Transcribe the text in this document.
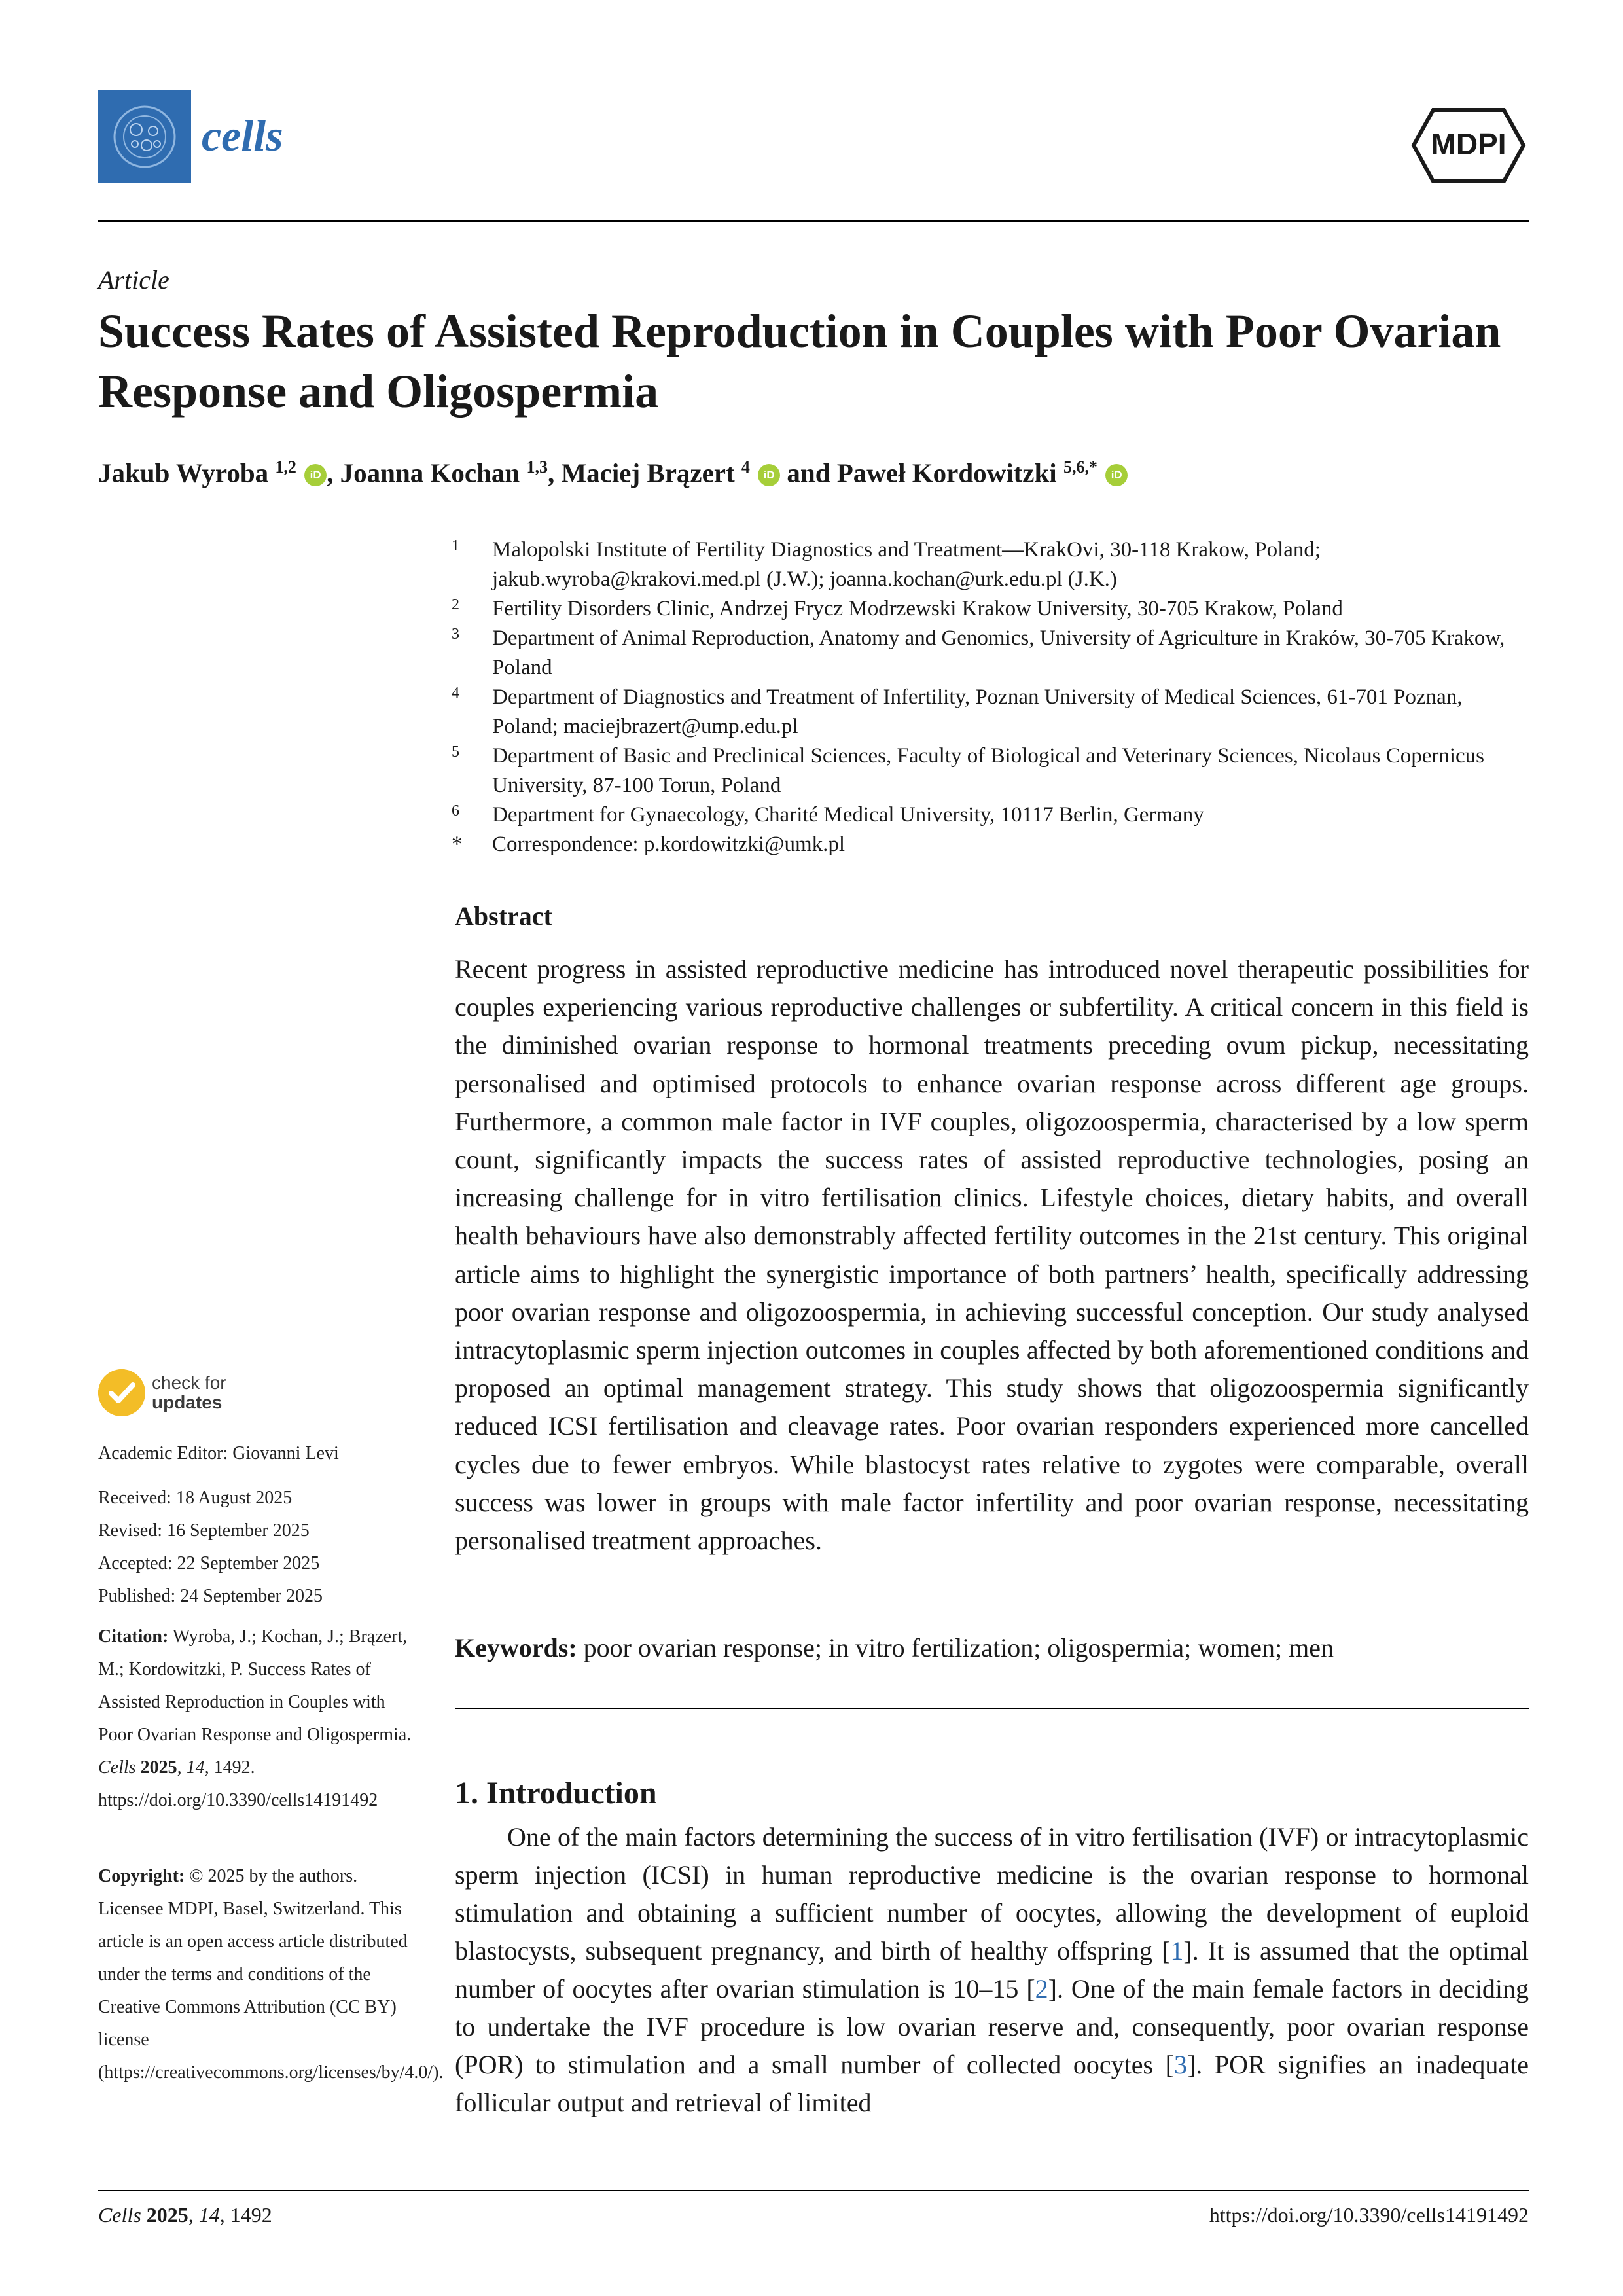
cells	MDPI
Article
Success Rates of Assisted Reproduction in Couples with Poor Ovarian Response and Oligospermia
Jakub Wyroba $^{1,2}$ iD , Joanna Kochan $^{1,3}$, Maciej Brązert $^4$ iD and Paweł Kordowitzki $^{5,6,*}$ iD
1 Malopolski Institute of Fertility Diagnostics and Treatment—KrakOvi, 30-118 Krakow, Poland; jakub.wyroba@krakovi.med.pl (J.W.); joanna.kochan@urk.edu.pl (J.K.)
2 Fertility Disorders Clinic, Andrzej Frycz Modrzewski Krakow University, 30-705 Krakow, Poland
3 Department of Animal Reproduction, Anatomy and Genomics, University of Agriculture in Kraków, 30-705 Krakow, Poland
4 Department of Diagnostics and Treatment of Infertility, Poznan University of Medical Sciences, 61-701 Poznan, Poland; maciejbrazert@ump.edu.pl
5 Department of Basic and Preclinical Sciences, Faculty of Biological and Veterinary Sciences, Nicolaus Copernicus University, 87-100 Torun, Poland
6 Department for Gynaecology, Charité Medical University, 10117 Berlin, Germany
* Correspondence: p.kordowitzki@umk.pl
Abstract
Recent progress in assisted reproductive medicine has introduced novel therapeutic possibilities for couples experiencing various reproductive challenges or subfertility. A critical concern in this field is the diminished ovarian response to hormonal treatments preceding ovum pickup, necessitating personalised and optimised protocols to enhance ovarian response across different age groups. Furthermore, a common male factor in IVF couples, oligozoospermia, characterised by a low sperm count, significantly impacts the success rates of assisted reproductive technologies, posing an increasing challenge for in vitro fertilisation clinics. Lifestyle choices, dietary habits, and overall health behaviours have also demonstrably affected fertility outcomes in the 21st century. This original article aims to highlight the synergistic importance of both partners’ health, specifically addressing poor ovarian response and oligozoospermia, in achieving successful conception. Our study analysed intracytoplasmic sperm injection outcomes in couples affected by both aforementioned conditions and proposed an optimal management strategy. This study shows that oligozoospermia significantly reduced ICSI fertilisation and cleavage rates. Poor ovarian responders experienced more cancelled cycles due to fewer embryos. While blastocyst rates relative to zygotes were comparable, overall success was lower in groups with male factor infertility and poor ovarian response, necessitating personalised treatment approaches.
Keywords: poor ovarian response; in vitro fertilization; oligospermia; women; men
1. Introduction
One of the main factors determining the success of in vitro fertilisation (IVF) or intracytoplasmic sperm injection (ICSI) in human reproductive medicine is the ovarian response to hormonal stimulation and obtaining a sufficient number of oocytes, allowing the development of euploid blastocysts, subsequent pregnancy, and birth of healthy offspring [1]. It is assumed that the optimal number of oocytes after ovarian stimulation is 10–15 [2]. One of the main female factors in deciding to undertake the IVF procedure is low ovarian reserve and, consequently, poor ovarian response (POR) to stimulation and a small number of collected oocytes [3]. POR signifies an inadequate follicular output and retrieval of limited
check for
updates
Academic Editor: Giovanni Levi
Received: 18 August 2025
Revised: 16 September 2025
Accepted: 22 September 2025
Published: 24 September 2025
Citation: Wyroba, J.; Kochan, J.; Brązert, M.; Kordowitzki, P. Success Rates of Assisted Reproduction in Couples with Poor Ovarian Response and Oligospermia. Cells 2025, 14, 1492. https://doi.org/10.3390/cells14191492
Copyright: © 2025 by the authors. Licensee MDPI, Basel, Switzerland. This article is an open access article distributed under the terms and conditions of the Creative Commons Attribution (CC BY) license (https://creativecommons.org/licenses/by/4.0/).
Cells 2025, 14, 1492	https://doi.org/10.3390/cells14191492
